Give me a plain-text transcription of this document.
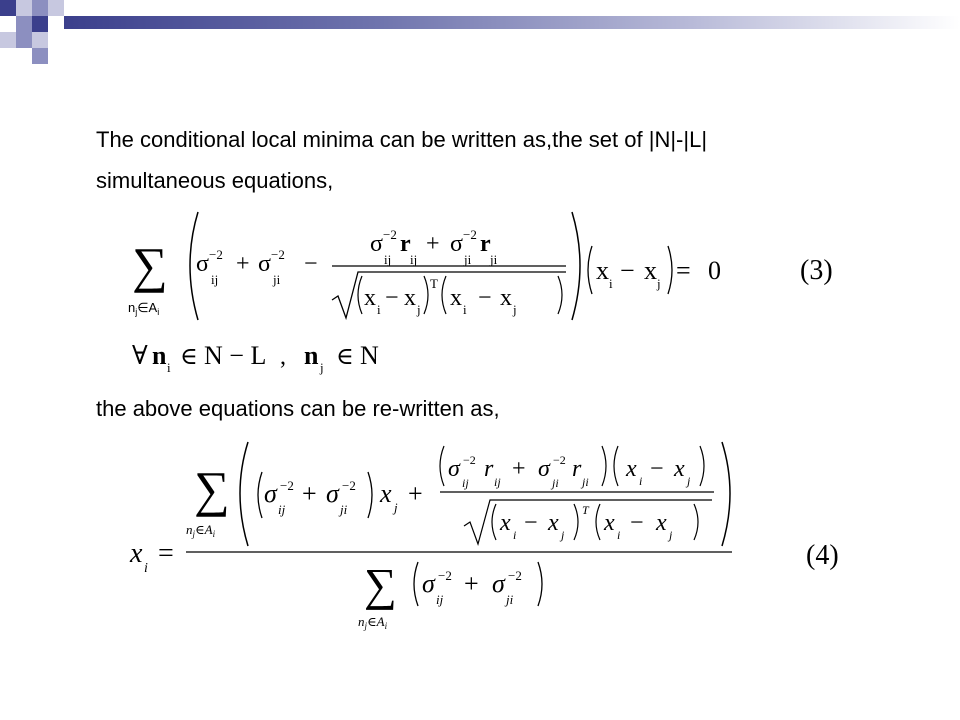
The conditional local minima can be written as,the set of |N|-|L|
simultaneous equations,
the above equations can be re-written as,
∑
$n_j\in A_i$
σ −2
ij
+ σ −2
ji
−
σ −2
ij
r
ij
+ σ −2
ji
r
ji
x i − x j
T
x i − x j
x i − x j = 0	(3)
∀ n i ∈ N − L , n j ∈ N
x i =
∑
$n_j\in A_i$
σ −2
ij
+ σ −2
ji
x j +
σ −2
ij
r ij + σ −2
ji
r ji x i − x j
x i − x j
T x i − x j
∑
$n_j\in A_i$
σ −2
ij
+ σ −2
ji
(4)
